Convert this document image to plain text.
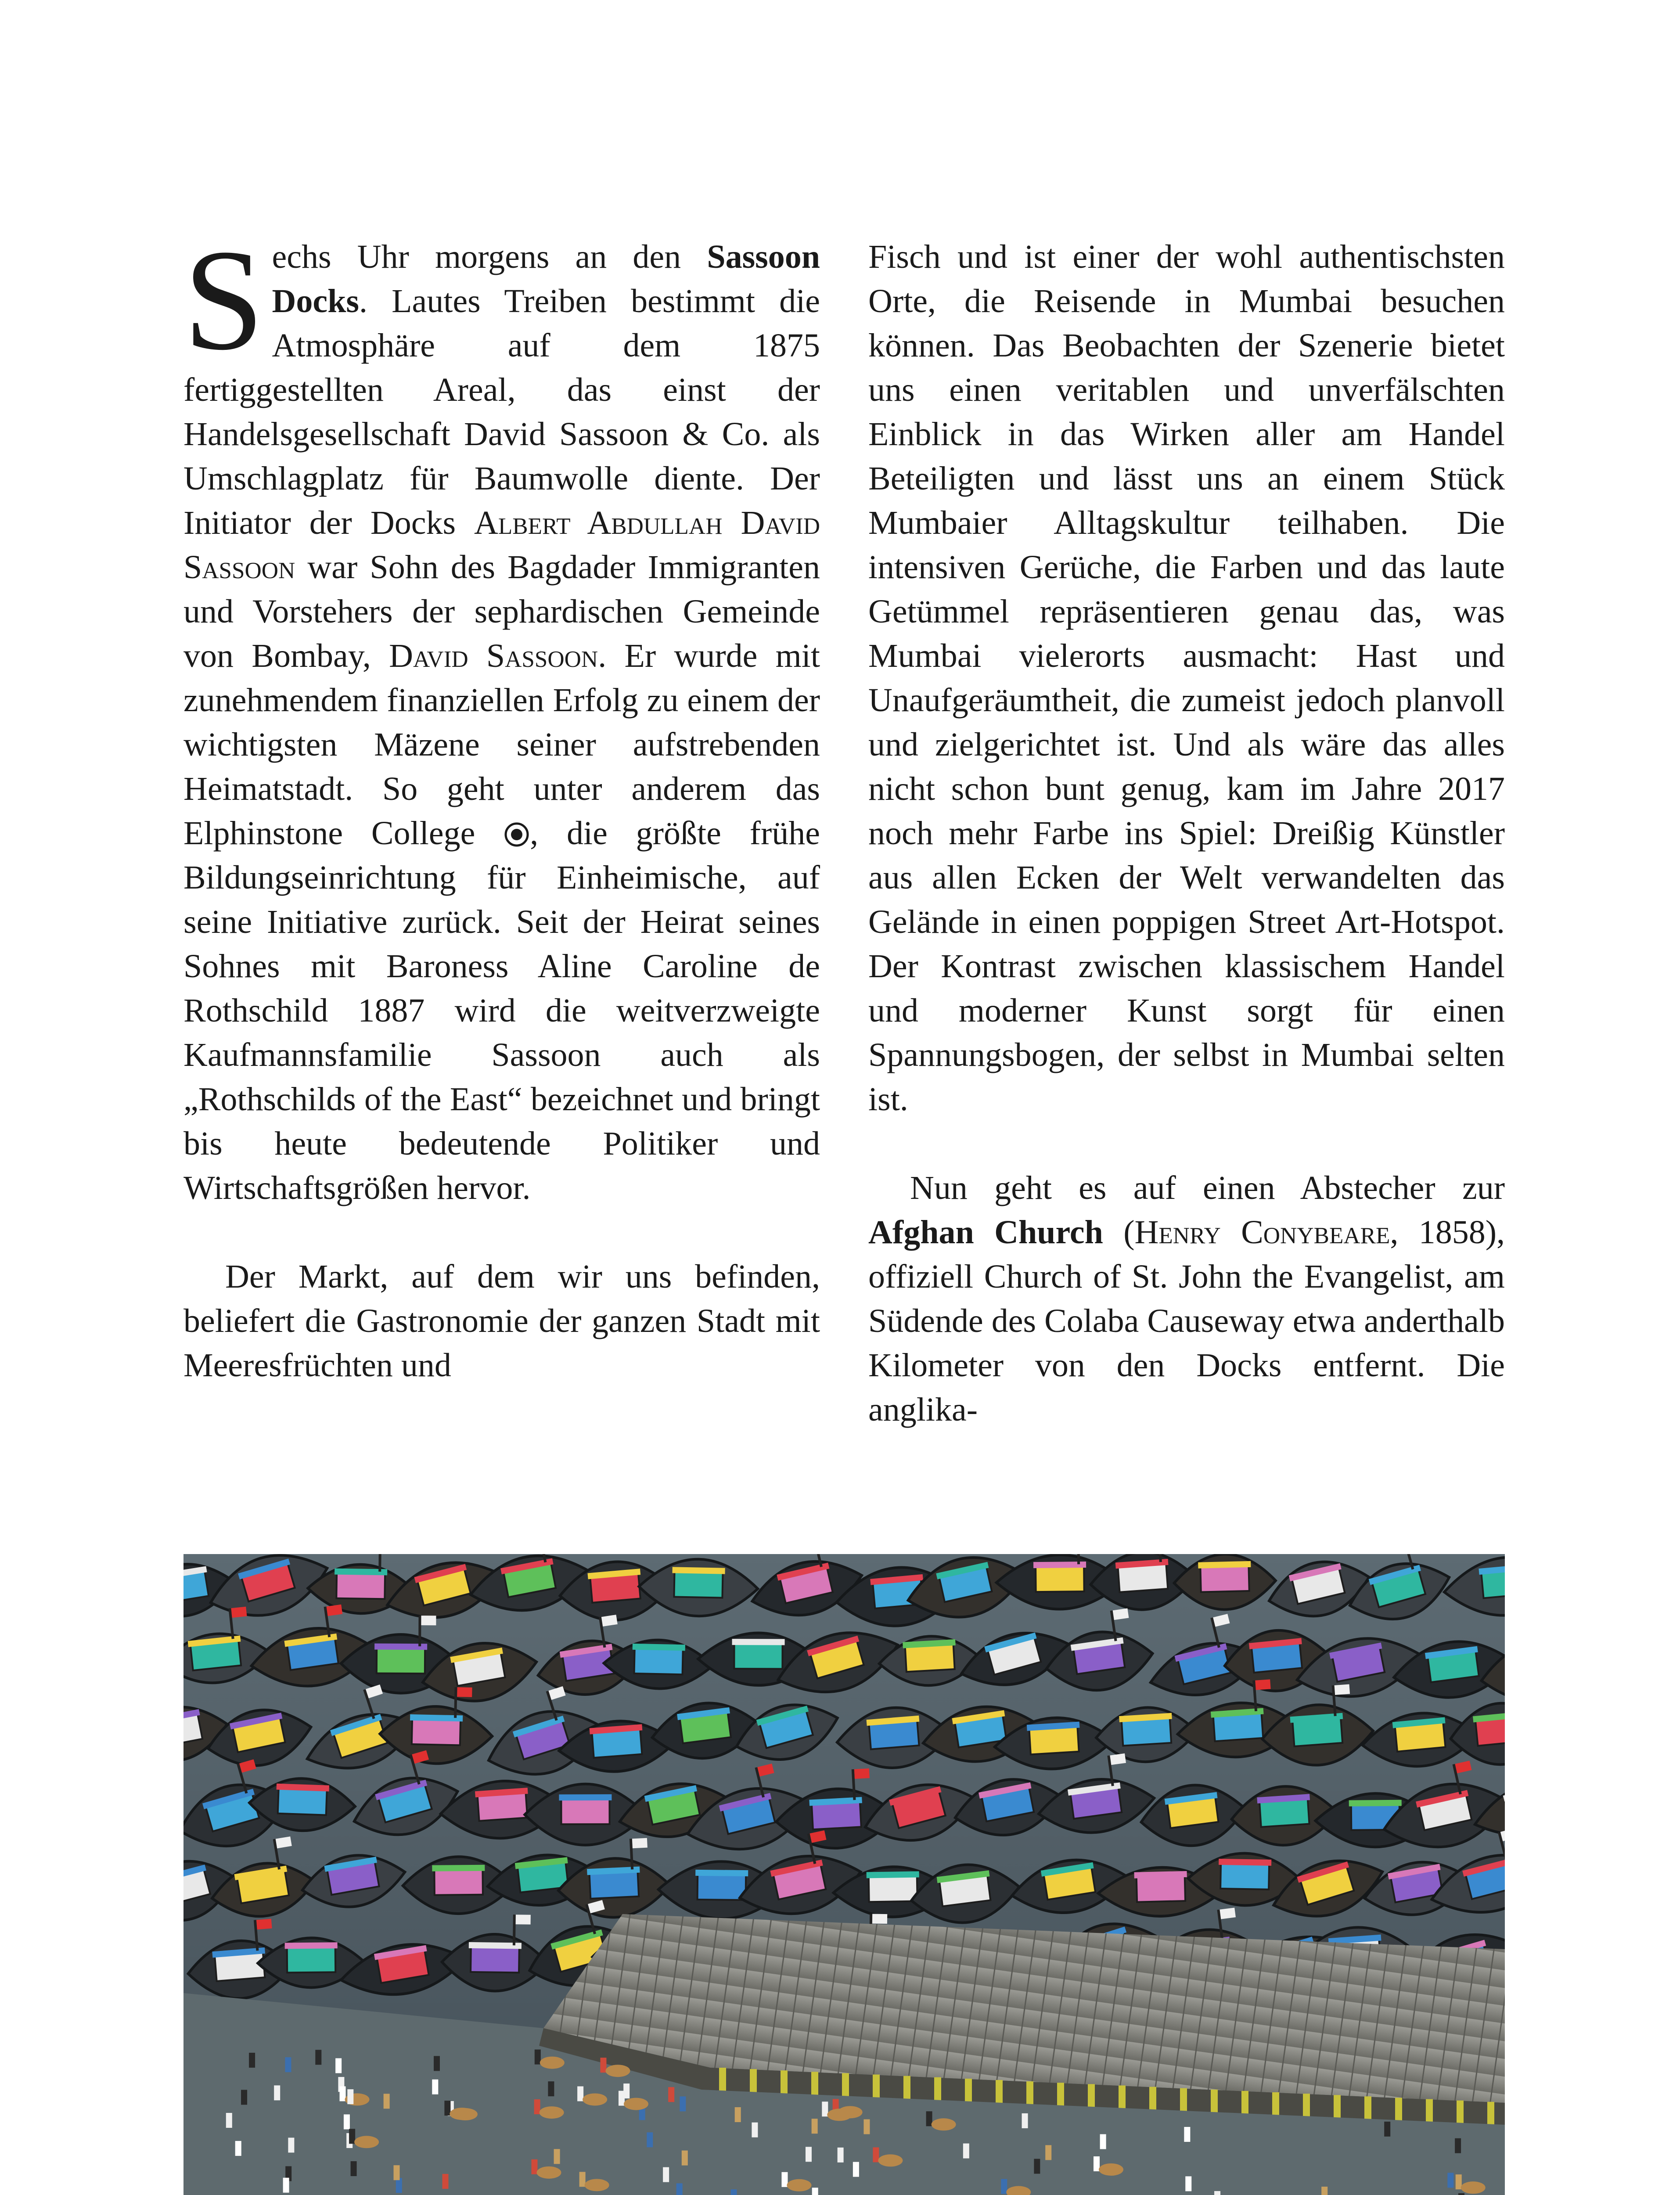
Sechs Uhr morgens an den Sassoon Docks. Lautes Treiben bestimmt die Atmosphäre auf dem 1875 fertiggestellten Areal, das einst der Handelsgesellschaft David Sassoon & Co. als Umschlagplatz für Baumwolle diente. Der Initiator der Docks Albert Abdullah David Sassoon war Sohn des Bagdader Immigranten und Vorstehers der sephardischen Gemeinde von Bombay, David Sassoon. Er wurde mit zunehmendem finanziellen Erfolg zu einem der wichtigsten Mäzene seiner aufstrebenden Heimatstadt. So geht unter anderem das Elphinstone College , die größte frühe Bildungseinrichtung für Einheimische, auf seine Initiative zurück. Seit der Heirat seines Sohnes mit Baroness Aline Caroline de Rothschild 1887 wird die weitverzweigte Kaufmannsfamilie Sassoon auch als „Rothschilds of the East“ bezeichnet und bringt bis heute bedeutende Politiker und Wirtschaftsgrößen hervor.

Der Markt, auf dem wir uns befinden, beliefert die Gastronomie der ganzen Stadt mit Meeresfrüchten und

Fisch und ist einer der wohl authentischsten Orte, die Reisende in Mumbai besuchen können. Das Beobachten der Szenerie bietet uns einen veritablen und unverfälschten Einblick in das Wirken aller am Handel Beteiligten und lässt uns an einem Stück Mumbaier Alltagskultur teilhaben. Die intensiven Gerüche, die Farben und das laute Getümmel repräsentieren genau das, was Mumbai vielerorts ausmacht: Hast und Unaufgeräumtheit, die zumeist jedoch planvoll und zielgerichtet ist. Und als wäre das alles nicht schon bunt genug, kam im Jahre 2017 noch mehr Farbe ins Spiel: Dreißig Künstler aus allen Ecken der Welt verwandelten das Gelände in einen poppigen Street Art-Hotspot. Der Kontrast zwischen klassischem Handel und moderner Kunst sorgt für einen Spannungsbogen, der selbst in Mumbai selten ist.

Nun geht es auf einen Abstecher zur Afghan Church (Henry Conybeare, 1858), offiziell Church of St. John the Evangelist, am Südende des Colaba Causeway etwa anderthalb Kilometer von den Docks entfernt. Die anglika-
